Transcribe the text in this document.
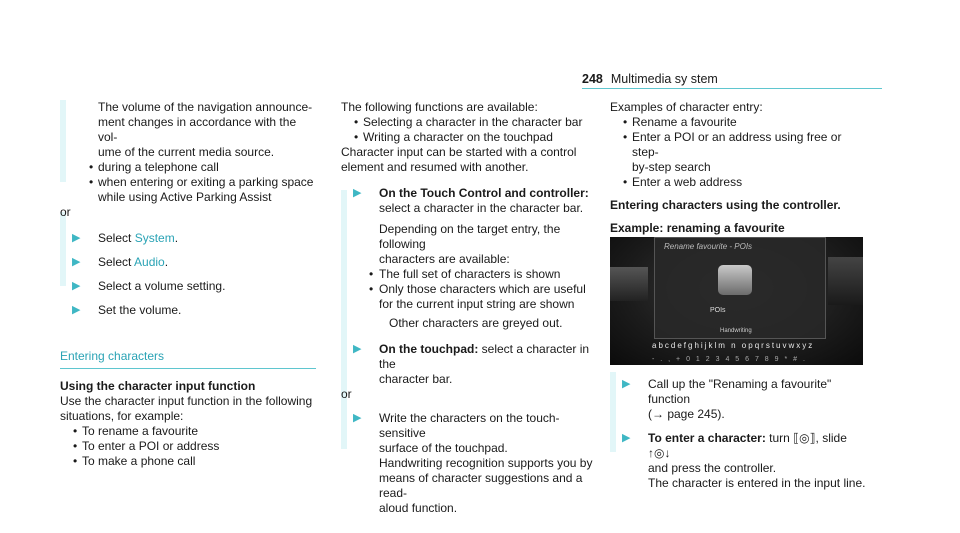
248 Multimedia sy stem

The volume of the navigation announce-
ment changes in accordance with the vol-
ume of the current media source.

• during a telephone call

• when entering or exiting a parking space
while using Active Parking Assist

or

▶ Select System.

▶ Select Audio.

▶ Select a volume setting.

▶ Set the volume.

Entering characters

Using the character input function

Use the character input function in the following
situations, for example:

• To rename a favourite

• To enter a POI or address

• To make a phone call

The following functions are available:

• Selecting a character in the character bar

• Writing a character on the touchpad

Character input can be started with a control
element and resumed with another.

▶ On the Touch Control and controller: select a character in the character bar.

Depending on the target entry, the following
characters are available:

• The full set of characters is shown

• Only those characters which are useful
for the current input string are shown

Other characters are greyed out.

▶ On the touchpad: select a character in the
character bar.

or

▶ Write the characters on the touch-sensitive
surface of the touchpad.
Handwriting recognition supports you by
means of character suggestions and a read-
aloud function.

Examples of character entry:

• Rename a favourite

• Enter a POI or an address using free or step-
by-step search

• Enter a web address

Entering characters using the controller.

Example: renaming a favourite

Rename favourite - POIs
POIs
Handwriting
abcdefghijklm n opqrstuvwxyz
- . , + 0 1 2 3 4 5 6 7 8 9 * # .

▶ Call up the "Renaming a favourite" function
(→ page 245).

▶ To enter a character: turn ⟦◎⟧, slide ↑◎↓
and press the controller.

The character is entered in the input line.
